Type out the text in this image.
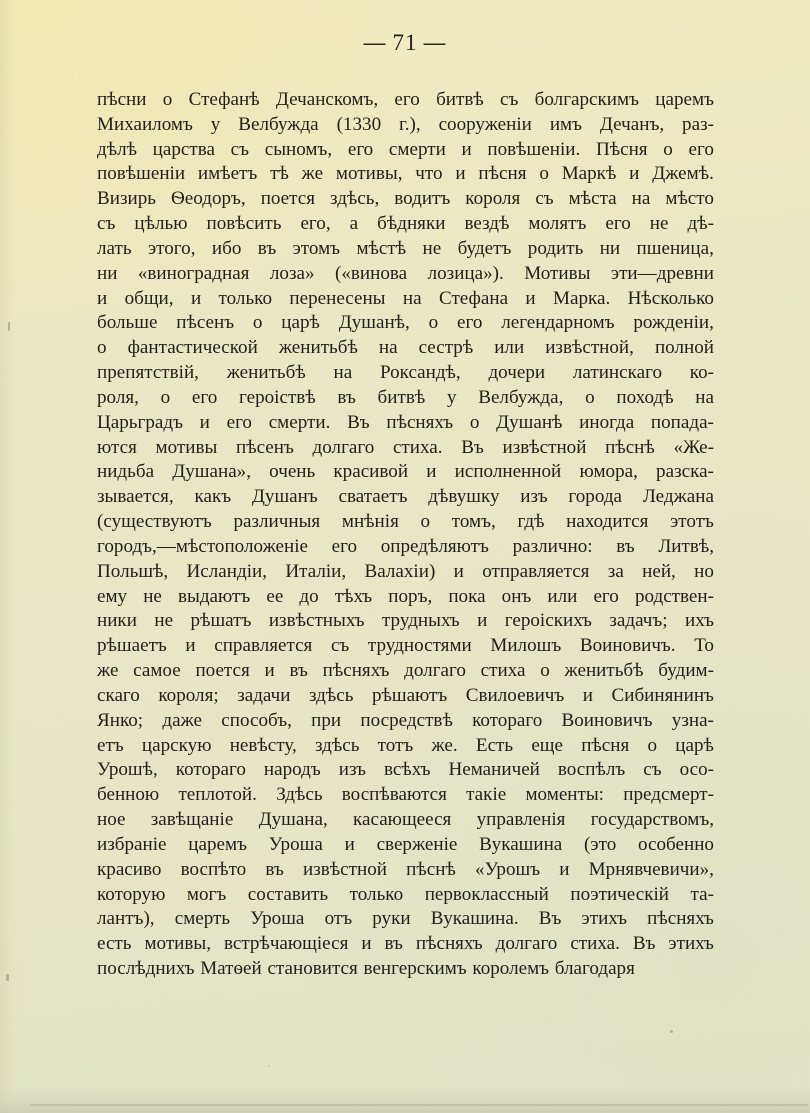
— 71 —
пѣсни о Стефанѣ Дечанскомъ, его битвѣ съ болгарскимъ царемъ
Михаиломъ у Велбужда (1330 г.), сооруженіи имъ Дечанъ, раз-
дѣлѣ царства съ сыномъ, его смерти и повѣшеніи. Пѣсня о его
повѣшеніи имѣетъ тѣ же мотивы, что и пѣсня о Маркѣ и Джемѣ.
Визирь Ѳеодоръ, поется здѣсь, водитъ короля съ мѣста на мѣсто
съ цѣлью повѣсить его, а бѣдняки вездѣ молятъ его не дѣ-
лать этого, ибо въ этомъ мѣстѣ не будетъ родить ни пшеница,
ни «виноградная лоза» («винова лозица»). Мотивы эти—древни
и общи, и только перенесены на Стефана и Марка. Нѣсколько
больше пѣсенъ о царѣ Душанѣ, о его легендарномъ рожденіи,
о фантастической женитьбѣ на сестрѣ или извѣстной, полной
препятствій, женитьбѣ на Роксандѣ, дочери латинскаго ко-
роля, о его героіствѣ въ битвѣ у Велбужда, о походѣ на
Царьградъ и его смерти. Въ пѣсняхъ о Душанѣ иногда попада-
ются мотивы пѣсенъ долгаго стиха. Въ извѣстной пѣснѣ «Же-
нидьба Душана», очень красивой и исполненной юмора, разска-
зывается, какъ Душанъ сватаетъ дѣвушку изъ города Леджана
(существуютъ различныя мнѣнія о томъ, гдѣ находится этотъ
городъ,—мѣстоположеніе его опредѣляютъ различно: въ Литвѣ,
Польшѣ, Исландіи, Италіи, Валахіи) и отправляется за ней, но
ему не выдаютъ ее до тѣхъ поръ, пока онъ или его родствен-
ники не рѣшатъ извѣстныхъ трудныхъ и героіскихъ задачъ; ихъ
рѣшаетъ и справляется съ трудностями Милошъ Воиновичъ. То
же самое поется и въ пѣсняхъ долгаго стиха о женитьбѣ будим-
скаго короля; задачи здѣсь рѣшаютъ Свилоевичъ и Сибинянинъ
Янко; даже способъ, при посредствѣ котораго Воиновичъ узна-
етъ царскую невѣсту, здѣсь тотъ же. Есть еще пѣсня о царѣ
Урошѣ, котораго народъ изъ всѣхъ Неманичей воспѣлъ съ осо-
бенною теплотой. Здѣсь воспѣваются такіе моменты: предсмерт-
ное завѣщаніе Душана, касающееся управленія государствомъ,
избраніе царемъ Уроша и сверженіе Вукашина (это особенно
красиво воспѣто въ извѣстной пѣснѣ «Урошъ и Мрнявчевичи»,
которую могъ составить только первоклассный поэтическій та-
лантъ), смерть Уроша отъ руки Вукашина. Въ этихъ пѣсняхъ
есть мотивы, встрѣчающіеся и въ пѣсняхъ долгаго стиха. Въ этихъ
послѣднихъ Матѳей становится венгерскимъ королемъ благодаря
